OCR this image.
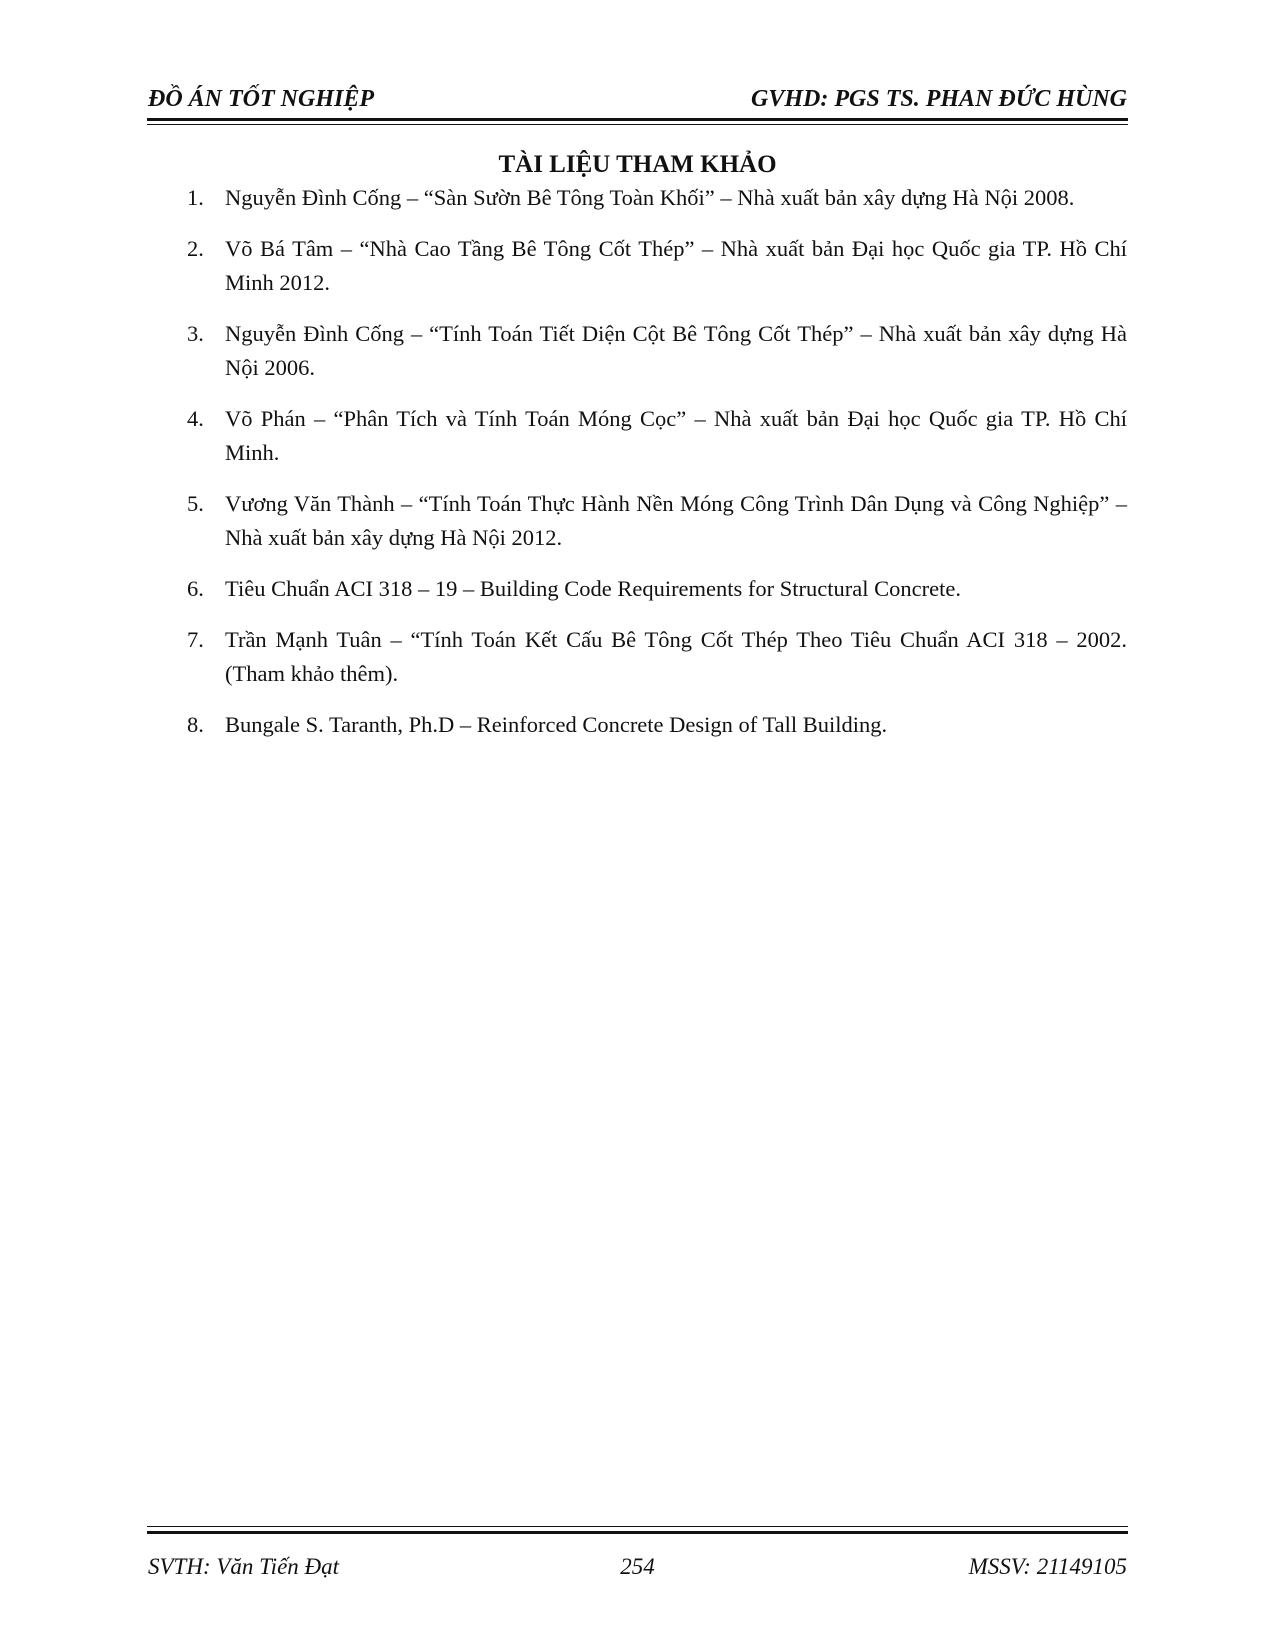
ĐỒ ÁN TỐT NGHIỆP	GVHD: PGS TS. PHAN ĐỨC HÙNG
TÀI LIỆU THAM KHẢO
1. Nguyễn Đình Cống – “Sàn Sườn Bê Tông Toàn Khối” – Nhà xuất bản xây dựng Hà Nội 2008.
2. Võ Bá Tâm – “Nhà Cao Tầng Bê Tông Cốt Thép” – Nhà xuất bản Đại học Quốc gia TP. Hồ Chí Minh 2012.
3. Nguyễn Đình Cống – “Tính Toán Tiết Diện Cột Bê Tông Cốt Thép” – Nhà xuất bản xây dựng Hà Nội 2006.
4. Võ Phán – “Phân Tích và Tính Toán Móng Cọc” – Nhà xuất bản Đại học Quốc gia TP. Hồ Chí Minh.
5. Vương Văn Thành – “Tính Toán Thực Hành Nền Móng Công Trình Dân Dụng và Công Nghiệp” – Nhà xuất bản xây dựng Hà Nội 2012.
6. Tiêu Chuẩn ACI 318 – 19 – Building Code Requirements for Structural Concrete.
7. Trần Mạnh Tuân – “Tính Toán Kết Cấu Bê Tông Cốt Thép Theo Tiêu Chuẩn ACI 318 – 2002. (Tham khảo thêm).
8. Bungale S. Taranth, Ph.D – Reinforced Concrete Design of Tall Building.
SVTH: Văn Tiến Đạt	254	MSSV: 21149105
